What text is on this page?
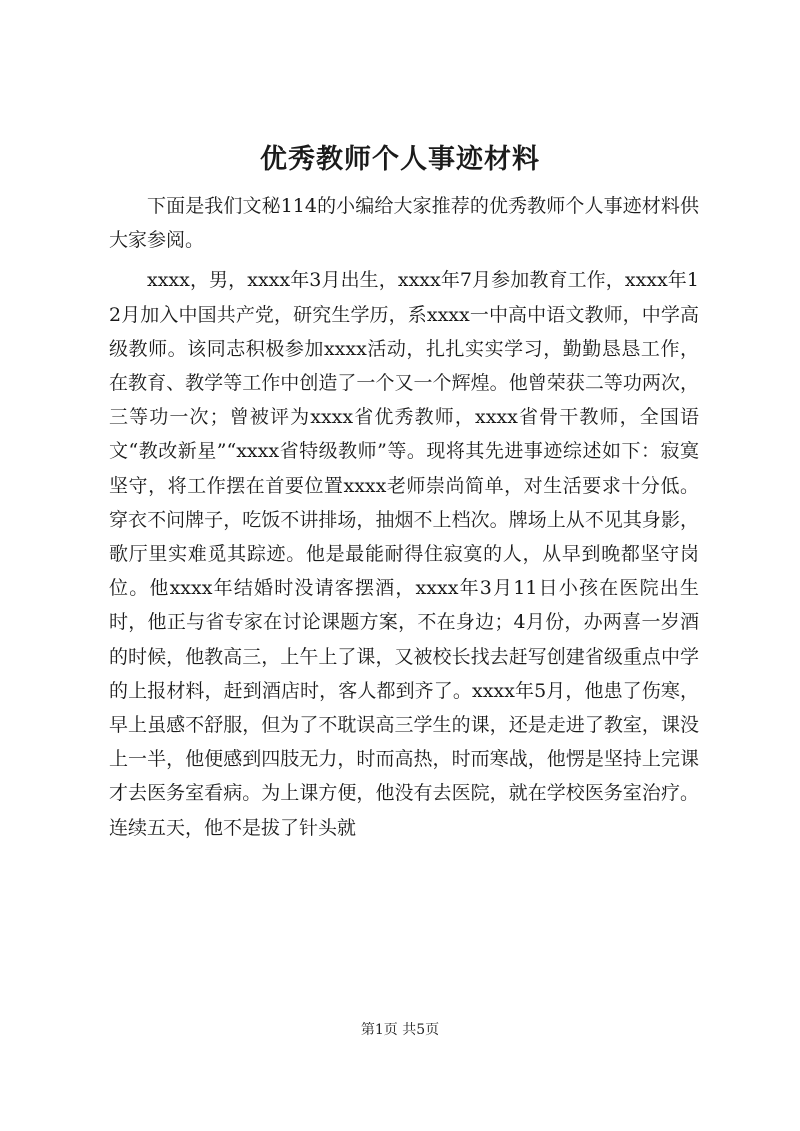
优秀教师个人事迹材料

下面是我们文秘114的小编给大家推荐的优秀教师个人事迹材料供大家参阅。

xxxx，男，xxxx年3月出生，xxxx年7月参加教育工作，xxxx年12月加入中国共产党，研究生学历，系xxxx一中高中语文教师，中学高级教师。该同志积极参加xxxx活动，扎扎实实学习，勤勤恳恳工作，在教育、教学等工作中创造了一个又一个辉煌。他曾荣获二等功两次，三等功一次；曾被评为xxxx省优秀教师，xxxx省骨干教师，全国语文“教改新星”“xxxx省特级教师”等。现将其先进事迹综述如下：寂寞坚守，将工作摆在首要位置xxxx老师崇尚简单，对生活要求十分低。穿衣不问牌子，吃饭不讲排场，抽烟不上档次。牌场上从不见其身影，歌厅里实难觅其踪迹。他是最能耐得住寂寞的人，从早到晚都坚守岗位。他xxxx年结婚时没请客摆酒，xxxx年3月11日小孩在医院出生时，他正与省专家在讨论课题方案，不在身边；4月份，办两喜一岁酒的时候，他教高三，上午上了课，又被校长找去赶写创建省级重点中学的上报材料，赶到酒店时，客人都到齐了。xxxx年5月，他患了伤寒，早上虽感不舒服，但为了不耽误高三学生的课，还是走进了教室，课没上一半，他便感到四肢无力，时而高热，时而寒战，他愣是坚持上完课才去医务室看病。为上课方便，他没有去医院，就在学校医务室治疗。连续五天，他不是拔了针头就

第1页 共5页
